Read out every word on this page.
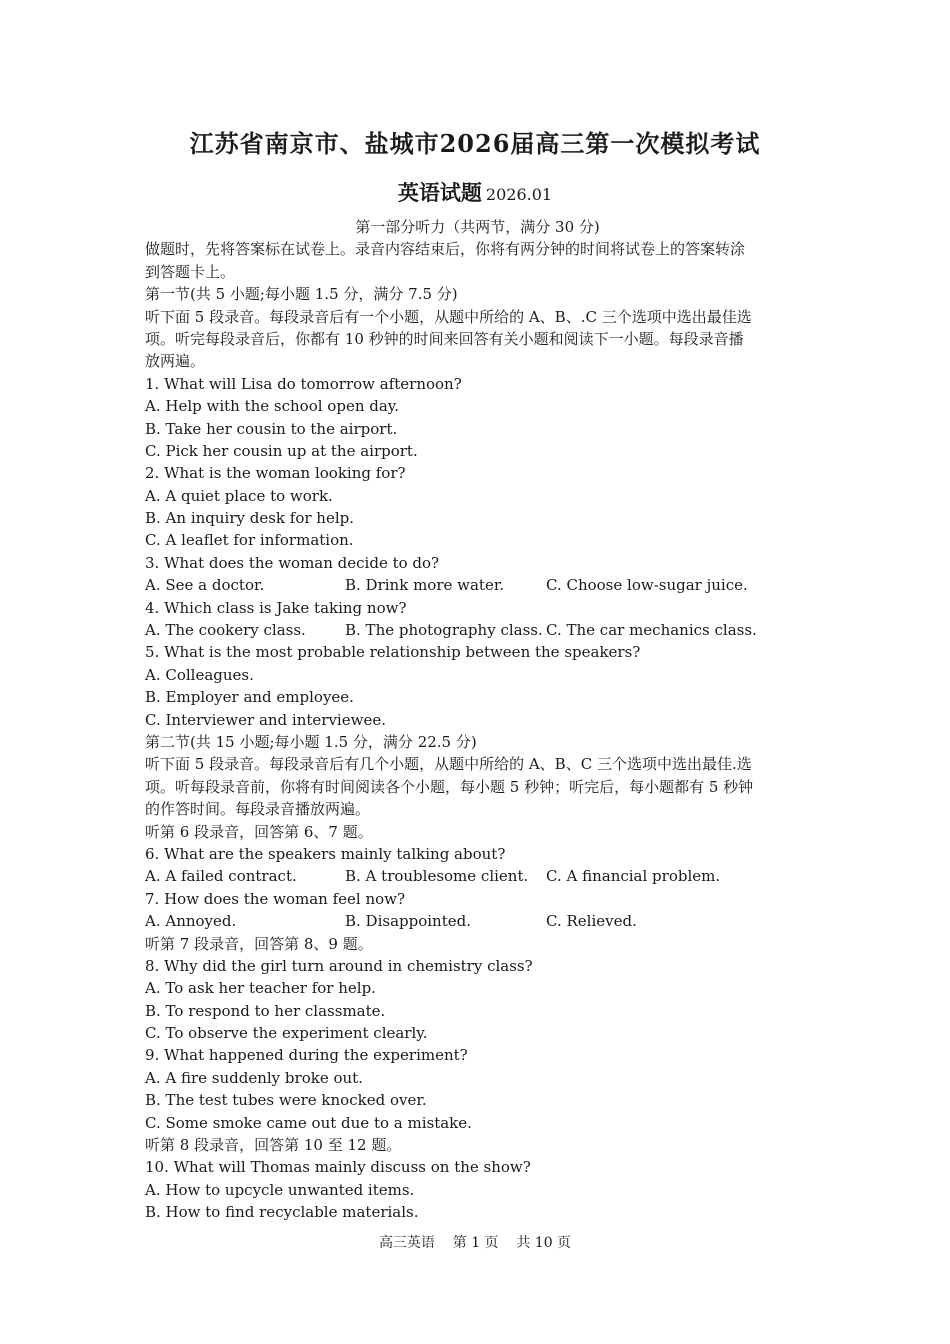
江苏省南京市、盐城市2026届高三第一次模拟考试
英语试题 2026.01
第一部分听力（共两节，满分 30 分)
做题时，先将答案标在试卷上。录音内容结束后，你将有两分钟的时间将试卷上的答案转涂
到答题卡上。
第一节(共 5 小题;每小题 1.5 分，满分 7.5 分)
听下面 5 段录音。每段录音后有一个小题，从题中所给的 A、B、.C 三个选项中选出最佳选
项。听完每段录音后，你都有 10 秒钟的时间来回答有关小题和阅读下一小题。每段录音播
放两遍。
1. What will Lisa do tomorrow afternoon?
A. Help with the school open day.
B. Take her cousin to the airport.
C. Pick her cousin up at the airport.
2. What is the woman looking for?
A. A quiet place to work.
B. An inquiry desk for help.
C. A leaflet for information.
3. What does the woman decide to do?
A. See a doctor.	B. Drink more water.	C. Choose low-sugar juice.
4. Which class is Jake taking now?
A. The cookery class.	B. The photography class. C. The car mechanics class.
5. What is the most probable relationship between the speakers?
A. Colleagues.
B. Employer and employee.
C. Interviewer and interviewee.
第二节(共 15 小题;每小题 1.5 分，满分 22.5 分)
听下面 5 段录音。每段录音后有几个小题，从题中所给的 A、B、C 三个选项中选出最佳.选
项。听每段录音前，你将有时间阅读各个小题，每小题 5 秒钟；听完后，每小题都有 5 秒钟
的作答时间。每段录音播放两遍。
听第 6 段录音，回答第 6、7 题。
6. What are the speakers mainly talking about?
A. A failed contract.	B. A troublesome client.	C. A financial problem.
7. How does the woman feel now?
A. Annoyed.	B. Disappointed.	C. Relieved.
听第 7 段录音，回答第 8、9 题。
8. Why did the girl turn around in chemistry class?
A. To ask her teacher for help.
B. To respond to her classmate.
C. To observe the experiment clearly.
9. What happened during the experiment?
A. A fire suddenly broke out.
B. The test tubes were knocked over.
C. Some smoke came out due to a mistake.
听第 8 段录音，回答第 10 至 12 题。
10. What will Thomas mainly discuss on the show?
A. How to upcycle unwanted items.
B. How to find recyclable materials.
高三英语    第 1 页    共 10 页
